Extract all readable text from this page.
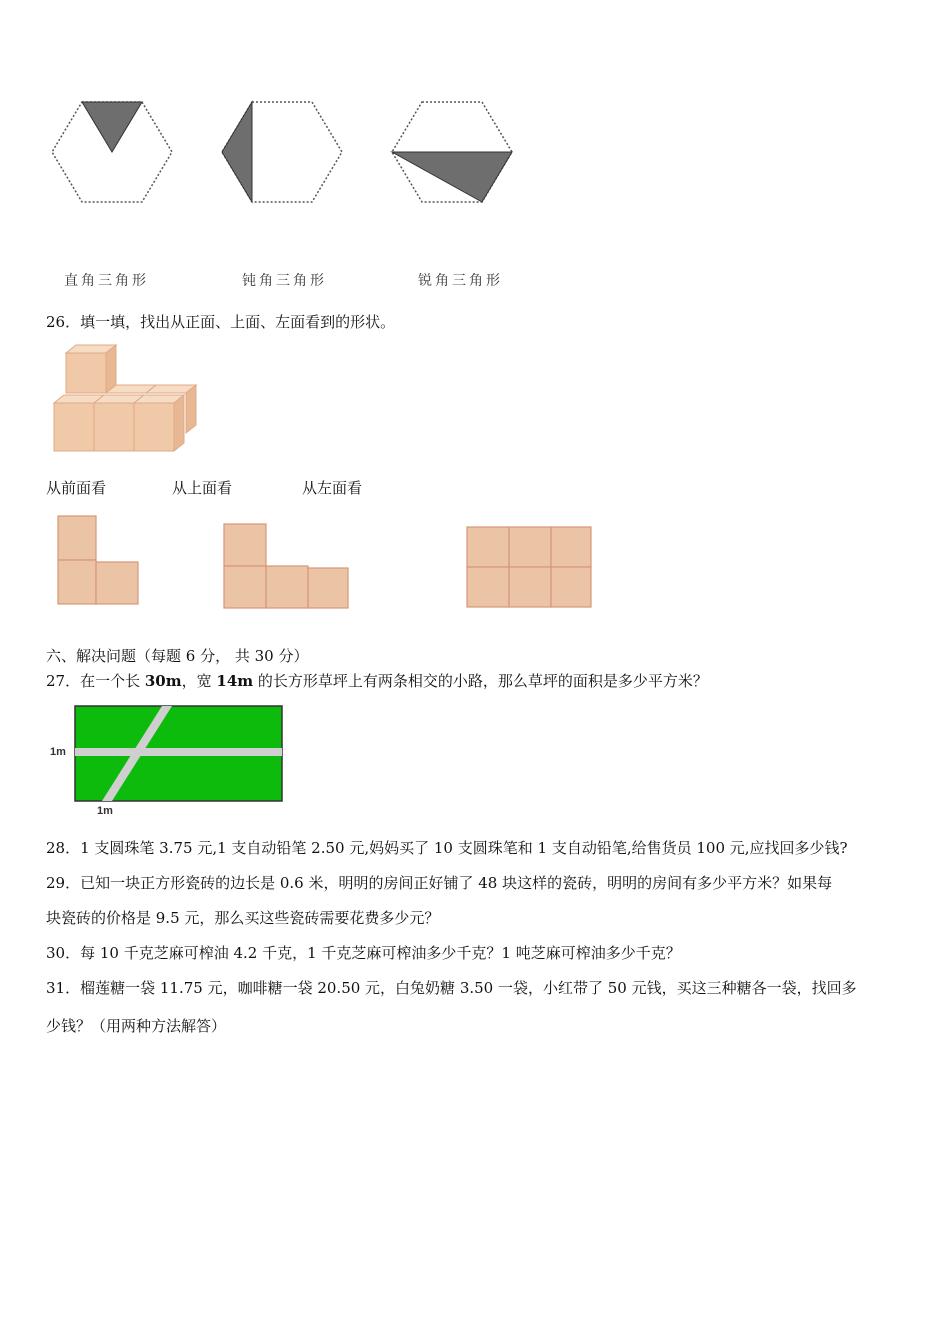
直角三角形	钝角三角形	锐角三角形
26．填一填，找出从正面、上面、左面看到的形状。
从前面看	从上面看	从左面看
六、解决问题（每题 6 分， 共 30 分）
27．在一个长 30m，宽 14m 的长方形草坪上有两条相交的小路，那么草坪的面积是多少平方米？
1m
1m
28．1 支圆珠笔 3.75 元,1 支自动铅笔 2.50 元,妈妈买了 10 支圆珠笔和 1 支自动铅笔,给售货员 100 元,应找回多少钱?
29．已知一块正方形瓷砖的边长是 0.6 米，明明的房间正好铺了 48 块这样的瓷砖，明明的房间有多少平方米？如果每
块瓷砖的价格是 9.5 元，那么买这些瓷砖需要花费多少元？
30．每 10 千克芝麻可榨油 4.2 千克，1 千克芝麻可榨油多少千克？1 吨芝麻可榨油多少千克？
31．榴莲糖一袋 11.75 元，咖啡糖一袋 20.50 元，白兔奶糖 3.50 一袋，小红带了 50 元钱，买这三种糖各一袋，找回多
少钱？（用两种方法解答）
